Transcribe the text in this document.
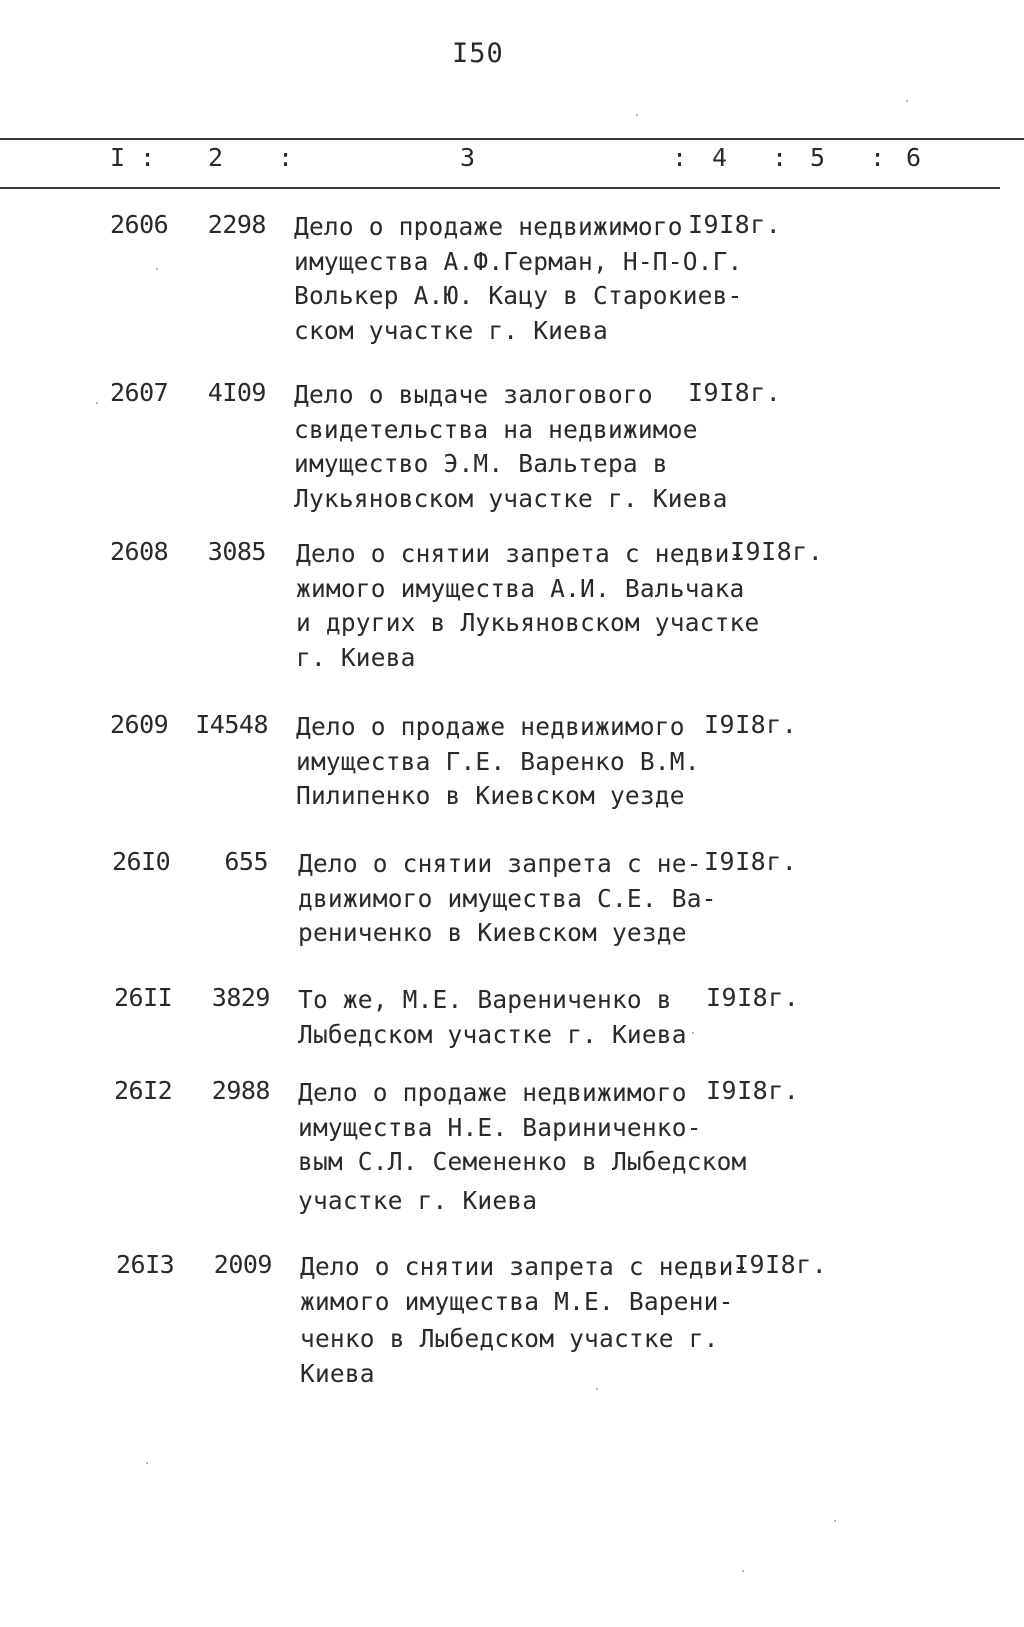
I50
I : 2 :	3	: 4 : 5 : 6
2606	2298 Дело о продаже недвижимого
имущества А.Ф.Герман, Н-П-О.Г.
Волькер А.Ю. Кацу в Старокиев-
ском участке г. Киева
I9I8г.
2607	4I09 Дело о выдаче залогового
свидетельства на недвижимое
имущество Э.М. Вальтера в
Лукьяновском участке г. Киева
I9I8г.
2608	3085 Дело о снятии запрета с недви-
жимого имущества А.И. Вальчака
и других в Лукьяновском участке
г. Киева
I9I8г.
2609 I4548 Дело о продаже недвижимого
имущества Г.Е. Варенко В.М.
Пилипенко в Киевском уезде
I9I8г.
26I0	655 Дело о снятии запрета с не-
движимого имущества С.Е. Ва-
рениченко в Киевском уезде
I9I8г.
26II	3829 То же, М.Е. Варениченко в
Лыбедском участке г. Киева
I9I8г.
26I2	2988 Дело о продаже недвижимого
имущества Н.Е. Вариниченко-
вым С.Л. Семененко в Лыбедском
участке г. Киева
I9I8г.
26I3	2009 Дело о снятии запрета с недви-
жимого имущества М.Е. Варени-
ченко в Лыбедском участке г.
Киева
I9I8г.
